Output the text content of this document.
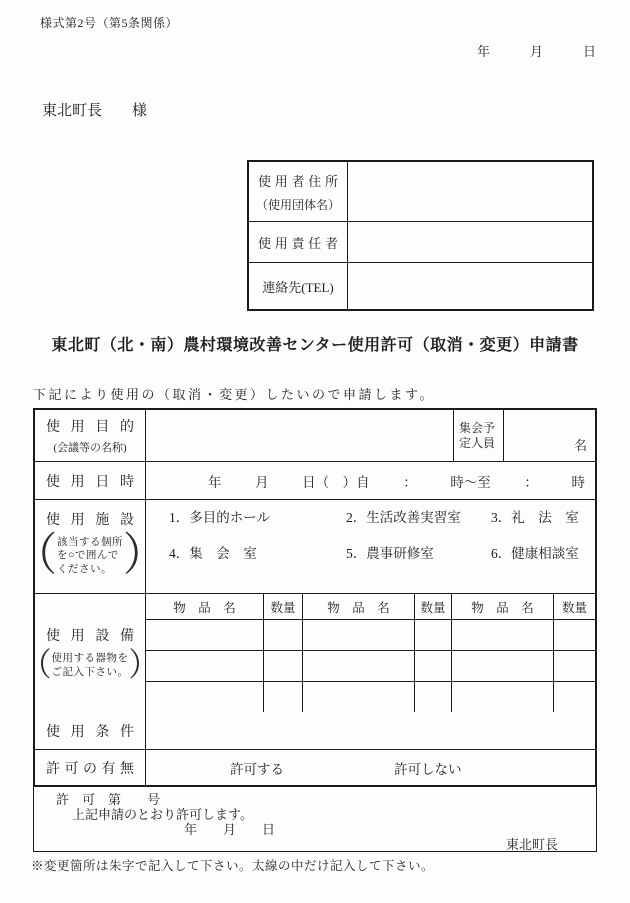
様式第2号（第5条関係）
年	月	日
東北町長 様
使用者住所
（使用団体名）
使用責任者
連絡先(TEL)
東北町（北・南）農村環境改善センター使用許可（取消・変更）申請書
下記により使用の（取消・変更）したいので申請します。
使用目的
(会議等の名称)
集会予
定人員	名
使用日時	年 月 日（　）自 ： 時～至 ： 時
使用施設
（ 該当する個所
を○で囲んで
ください。 ）
1．多目的ホール	2．生活改善実習室	3．礼　法　室
4．集　会　室	5．農事研修室	6．健康相談室
使用設備
（ 使用する器物を
ご記入下さい。 ）
物　品　名	数量	物　品　名	数量	物　品　名	数量
使用条件
許可の有無	許可する	許可しない
許　可　第　　号
上記申請のとおり許可します。
年　　月　　日
東北町長
※変更箇所は朱字で記入して下さい。太線の中だけ記入して下さい。
